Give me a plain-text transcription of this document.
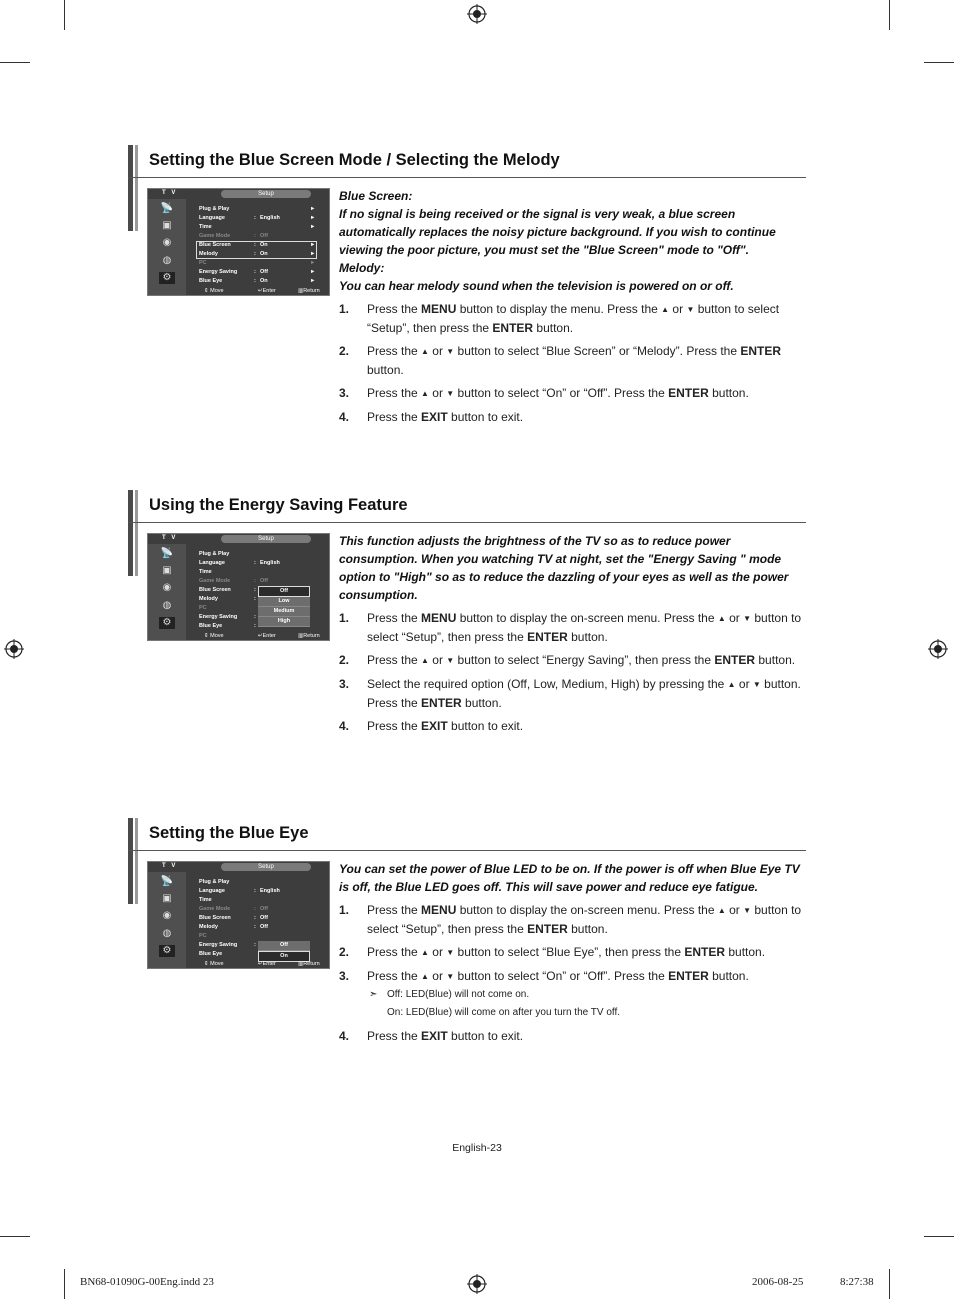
Setting the Blue Screen Mode / Selecting the Melody
T V	Setup
📡
▣
◉
◍
⚙
Plug & Play	►
Language	: English	►
Time	►
Game Mode	: Off
Blue Screen	: On	►
Melody	: On	►
PC	►
Energy Saving	: Off	►
Blue Eye	: On	►
⇕ Move	↵Enter	▥Return
Blue Screen:
If no signal is being received or the signal is very weak, a blue screen automatically replaces the noisy picture background. If you wish to continue viewing the poor picture, you must set the "Blue Screen" mode to "Off".
Melody:
You can hear melody sound when the television is powered on or off.
1. Press the MENU button to display the menu. Press the ▲ or ▼ button to select “Setup”, then press the ENTER button.
2. Press the ▲ or ▼ button to select “Blue Screen” or “Melody”. Press the ENTER button.
3. Press the ▲ or ▼ button to select “On” or “Off”. Press the ENTER button.
4. Press the EXIT button to exit.
Using the Energy Saving Feature
T V	Setup
📡
▣
◉
◍
⚙
Plug & Play
Language	: English
Time
Game Mode	: Off
Blue Screen	:
Melody	:
PC
Energy Saving	:
Blue Eye	:
Off
Low
Medium
High
⇕ Move	↵Enter	▥Return
This function adjusts the brightness of the TV so as to reduce power consumption. When you watching TV at night, set the "Energy Saving " mode option to "High" so as to reduce the dazzling of your eyes as well as the power consumption.
1. Press the MENU button to display the on-screen menu. Press the ▲ or ▼ button to select “Setup”, then press the ENTER button.
2. Press the ▲ or ▼ button to select “Energy Saving”, then press the ENTER button.
3. Select the required option (Off, Low, Medium, High) by pressing the ▲ or ▼ button. Press the ENTER button.
4. Press the EXIT button to exit.
Setting the Blue Eye
T V	Setup
📡
▣
◉
◍
⚙
Plug & Play
Language	: English
Time
Game Mode	: Off
Blue Screen	: Off
Melody	: Off
PC
Energy Saving	:
Blue Eye
Off
On
⇕ Move	↵Enter	▥Return
You can set the power of Blue LED to be on. If the power is off when Blue Eye TV is off, the Blue LED goes off. This will save power and reduce eye fatigue.
1. Press the MENU button to display the on-screen menu. Press the ▲ or ▼ button to select “Setup”, then press the ENTER button.
2. Press the ▲ or ▼ button to select “Blue Eye”, then press the ENTER button.
3. Press the ▲ or ▼ button to select “On” or “Off”. Press the ENTER button.
➣ Off: LED(Blue) will not come on.
On: LED(Blue) will come on after you turn the TV off.
4. Press the EXIT button to exit.
English-23
BN68-01090G-00Eng.indd 23	2006-08-25	8:27:38
